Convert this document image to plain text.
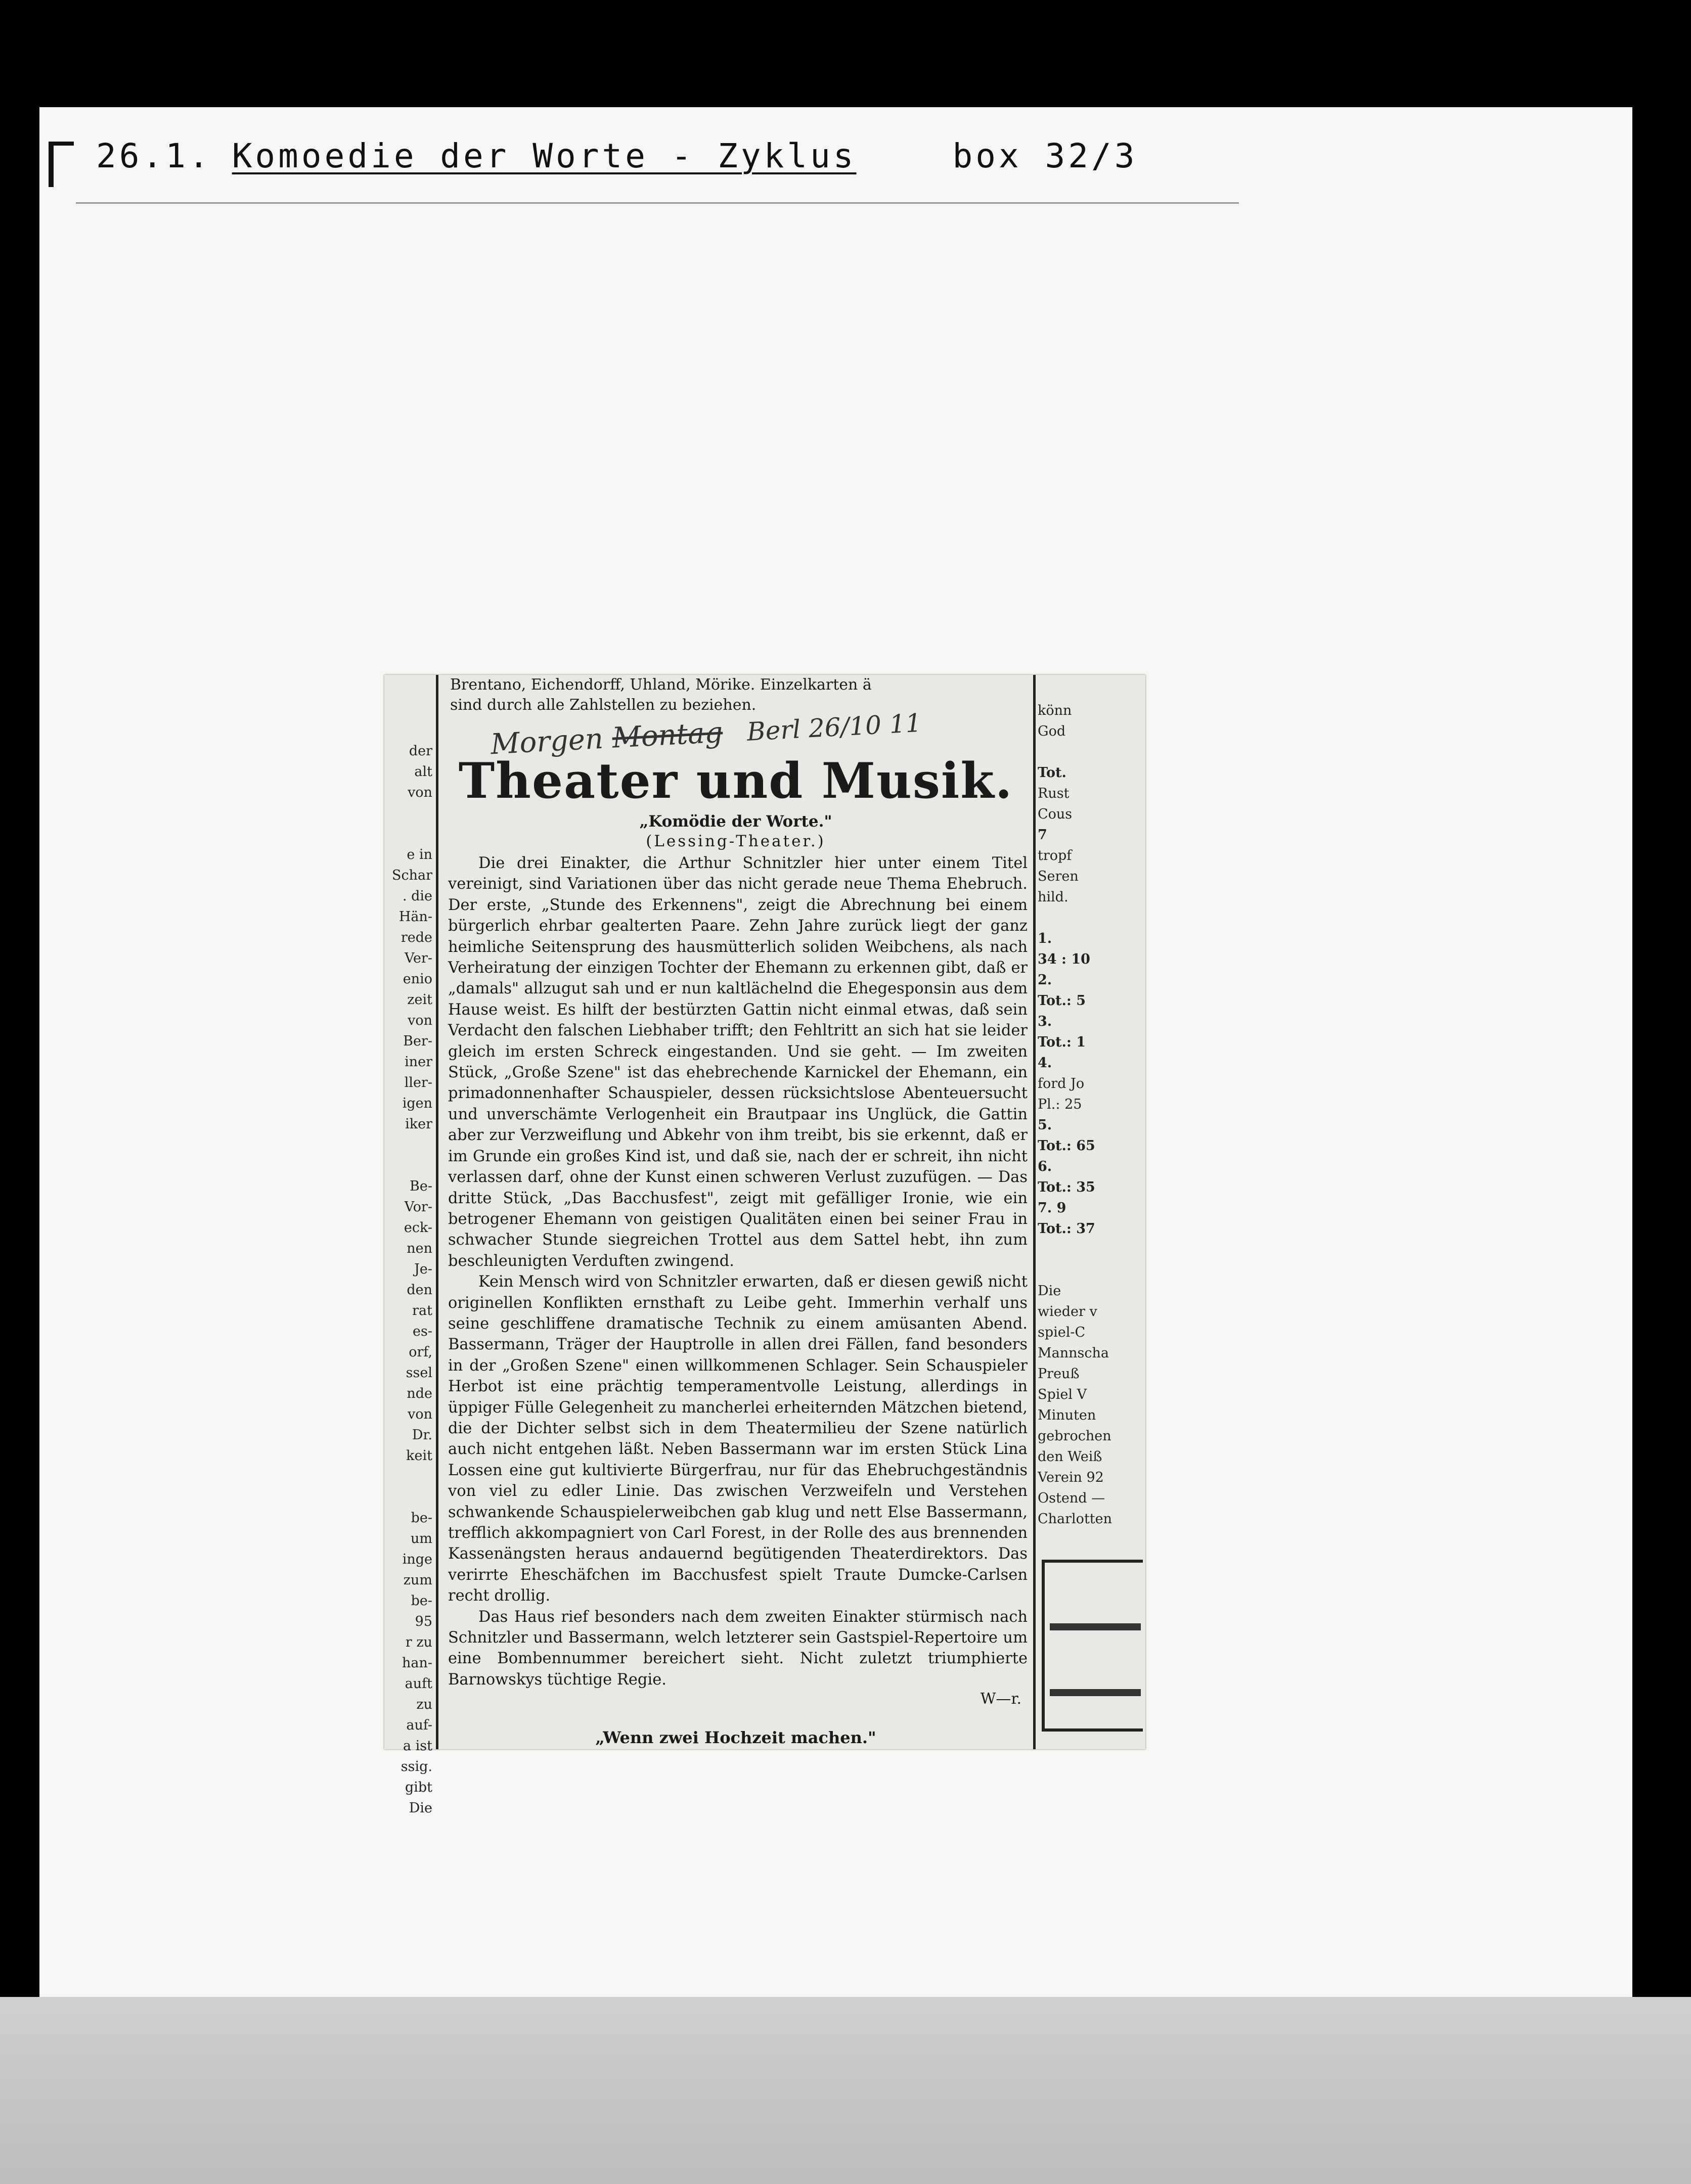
26.1. Komoedie der Worte - Zyklus	box 32/3
der
alt
von

e in
Schar
. die
Hän-
rede
Ver-
enio
zeit
von
Ber-
iner
ller-
igen
iker

Be-
Vor-
eck-
nen
Je-
den
rat
es-
orf,
ssel
nde
von
Dr.
keit

be-
um
inge
zum
be-
95
r zu
han-
auft
zu
auf-
a ist
ssig.
gibt
Die
Brentano, Eichendorff, Uhland, Mörike. Einzelkarten ä
sind durch alle Zahlstellen zu beziehen.
Morgen Montag Berl 26/10 11
Theater und Musik.
„Komödie der Worte."
(Lessing-Theater.)

Die drei Einakter, die Arthur Schnitzler hier unter einem Titel vereinigt, sind Variationen über das nicht gerade neue Thema Ehebruch. Der erste, „Stunde des Erkennens", zeigt die Abrechnung bei einem bürgerlich ehrbar gealterten Paare. Zehn Jahre zurück liegt der ganz heimliche Seitensprung des hausmütterlich soliden Weibchens, als nach Verheiratung der einzigen Tochter der Ehemann zu erkennen gibt, daß er „damals" allzugut sah und er nun kaltlächelnd die Ehegesponsin aus dem Hause weist. Es hilft der bestürzten Gattin nicht einmal etwas, daß sein Verdacht den falschen Liebhaber trifft; den Fehltritt an sich hat sie leider gleich im ersten Schreck eingestanden. Und sie geht. — Im zweiten Stück, „Große Szene" ist das ehebrechende Karnickel der Ehemann, ein primadonnenhafter Schauspieler, dessen rücksichtslose Abenteuersucht und unverschämte Verlogenheit ein Brautpaar ins Unglück, die Gattin aber zur Verzweiflung und Abkehr von ihm treibt, bis sie erkennt, daß er im Grunde ein großes Kind ist, und daß sie, nach der er schreit, ihn nicht verlassen darf, ohne der Kunst einen schweren Verlust zuzufügen. — Das dritte Stück, „Das Bacchusfest", zeigt mit gefälliger Ironie, wie ein betrogener Ehemann von geistigen Qualitäten einen bei seiner Frau in schwacher Stunde siegreichen Trottel aus dem Sattel hebt, ihn zum beschleunigten Verduften zwingend.

Kein Mensch wird von Schnitzler erwarten, daß er diesen gewiß nicht originellen Konflikten ernsthaft zu Leibe geht. Immerhin verhalf uns seine geschliffene dramatische Technik zu einem amüsanten Abend. Bassermann, Träger der Hauptrolle in allen drei Fällen, fand besonders in der „Großen Szene" einen willkommenen Schlager. Sein Schauspieler Herbot ist eine prächtig temperamentvolle Leistung, allerdings in üppiger Fülle Gelegenheit zu mancherlei erheiternden Mätzchen bietend, die der Dichter selbst sich in dem Theatermilieu der Szene natürlich auch nicht entgehen läßt. Neben Bassermann war im ersten Stück Lina Lossen eine gut kultivierte Bürgerfrau, nur für das Ehebruchgeständnis von viel zu edler Linie. Das zwischen Verzweifeln und Verstehen schwankende Schauspielerweibchen gab klug und nett Else Bassermann, trefflich akkompagniert von Carl Forest, in der Rolle des aus brennenden Kassenängsten heraus andauernd begütigenden Theaterdirektors. Das verirrte Eheschäfchen im Bacchusfest spielt Traute Dumcke-Carlsen recht drollig.

Das Haus rief besonders nach dem zweiten Einakter stürmisch nach Schnitzler und Bassermann, welch letzterer sein Gastspiel-Repertoire um eine Bombennummer bereichert sieht. Nicht zuletzt triumphierte Barnowskys tüchtige Regie.

W—r.
„Wenn zwei Hochzeit machen."
könn
God

Tot.
Rust
Cous
7
tropf
Seren
hild.

1.
34 : 10
2.
Tot.: 5
3.
Tot.: 1
4.
ford Jo
Pl.: 25
5.
Tot.: 65
6.
Tot.: 35
7. 9
Tot.: 37

Die
wieder v
spiel-C
Mannscha
Preuß
Spiel V
Minuten
gebrochen
den Weiß
Verein 92
Ostend —
Charlotten
